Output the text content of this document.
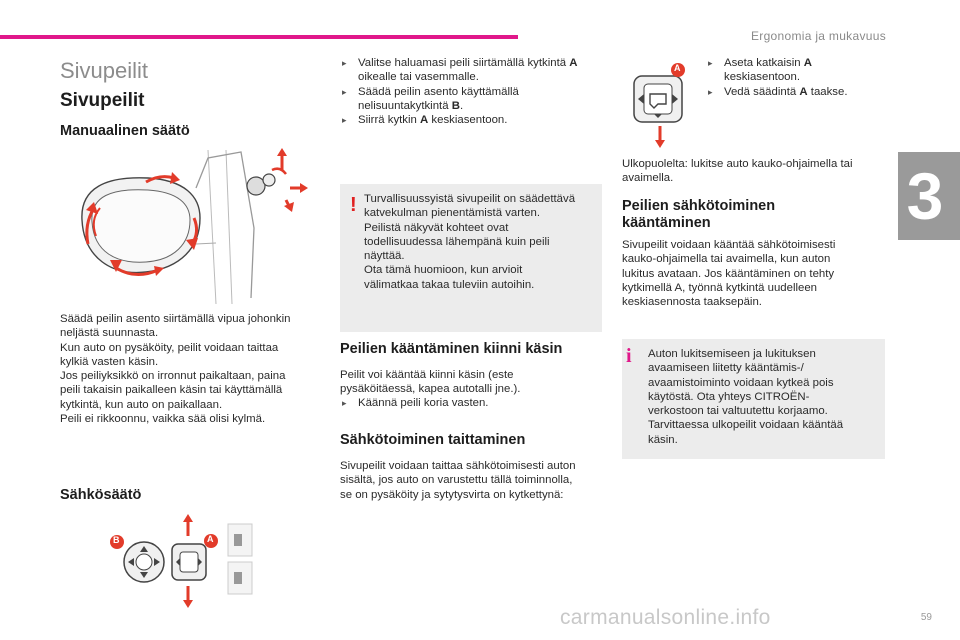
Ergonomia ja mukavuus
3
Sivupeilit
Sivupeilit
Manuaalinen säätö

Säädä peilin asento siirtämällä vipua johonkin

neljästä suunnasta.

Kun auto on pysäköity, peilit voidaan taittaa

kylkiä vasten käsin.

Jos peiliyksikkö on irronnut paikaltaan, paina

peili takaisin paikalleen käsin tai käyttämällä

kytkintä, kun auto on paikallaan.

Peili ei rikkoonnu, vaikka sää olisi kylmä.

Sähkösäätö
B	A
▸ Valitse haluamasi peili siirtämällä kytkintä A oikealle tai vasemmalle.
▸ Säädä peilin asento käyttämällä nelisuuntakytkintä B.
▸ Siirrä kytkin A keskiasentoon.
! Turvallisuussyistä sivupeilit on säädettävä

katvekulman pienentämistä varten.

Peilistä näkyvät kohteet ovat

todellisuudessa lähempänä kuin peili

näyttää.

Ota tämä huomioon, kun arvioit

välimatkaa takaa tuleviin autoihin.

Peilien kääntäminen kiinni käsin

Peilit voi kääntää kiinni käsin (este

pysäköitäessä, kapea autotalli jne.).

▸ Käännä peili koria vasten.
Sähkötoiminen taittaminen

Sivupeilit voidaan taittaa sähkötoimisesti auton

sisältä, jos auto on varustettu tällä toiminnolla,

se on pysäköity ja sytytysvirta on kytkettynä:

A
▸	Aseta katkaisin A keskiasentoon.
▸ Vedä säädintä A taakse.

Ulkopuolelta: lukitse auto kauko-ohjaimella tai

avaimella.

Peilien sähkötoiminen
kääntäminen

Sivupeilit voidaan kääntää sähkötoimisesti

kauko-ohjaimella tai avaimella, kun auton

lukitus avataan. Jos kääntäminen on tehty

kytkimellä A, työnnä kytkintä uudelleen

keskiasennosta taaksepäin.

i Auton lukitsemiseen ja lukituksen

avaamiseen liitetty kääntämis-/

avaamistoiminto voidaan kytkeä pois

käytöstä. Ota yhteys CITROËN-

verkostoon tai valtuutettu korjaamo.

Tarvittaessa ulkopeilit voidaan kääntää

käsin.

59
carmanualsonline.info
